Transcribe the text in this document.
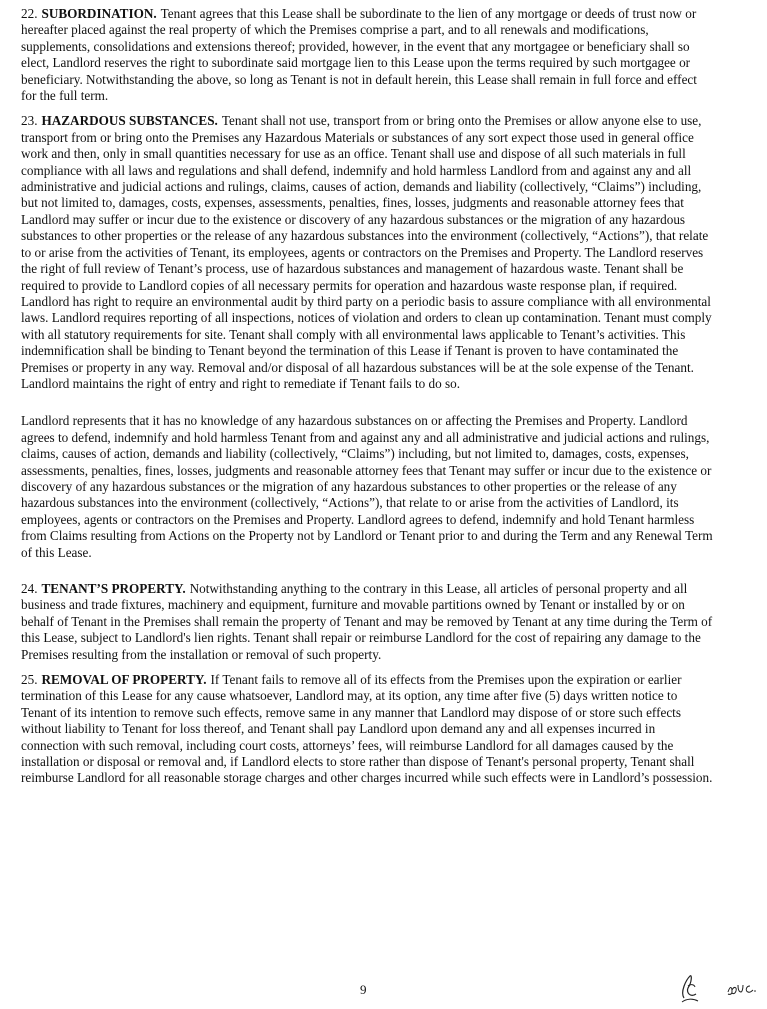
22. SUBORDINATION. Tenant agrees that this Lease shall be subordinate to the lien of any mortgage or deeds of trust now or hereafter placed against the real property of which the Premises comprise a part, and to all renewals and modifications, supplements, consolidations and extensions thereof; provided, however, in the event that any mortgagee or beneficiary shall so elect, Landlord reserves the right to subordinate said mortgage lien to this Lease upon the terms required by such mortgagee or beneficiary. Notwithstanding the above, so long as Tenant is not in default herein, this Lease shall remain in full force and effect for the full term.

23. HAZARDOUS SUBSTANCES. Tenant shall not use, transport from or bring onto the Premises or allow anyone else to use, transport from or bring onto the Premises any Hazardous Materials or substances of any sort expect those used in general office work and then, only in small quantities necessary for use as an office. Tenant shall use and dispose of all such materials in full compliance with all laws and regulations and shall defend, indemnify and hold harmless Landlord from and against any and all administrative and judicial actions and rulings, claims, causes of action, demands and liability (collectively, “Claims”) including, but not limited to, damages, costs, expenses, assessments, penalties, fines, losses, judgments and reasonable attorney fees that Landlord may suffer or incur due to the existence or discovery of any hazardous substances or the migration of any hazardous substances to other properties or the release of any hazardous substances into the environment (collectively, “Actions”), that relate to or arise from the activities of Tenant, its employees, agents or contractors on the Premises and Property. The Landlord reserves the right of full review of Tenant’s process, use of hazardous substances and management of hazardous waste. Tenant shall be required to provide to Landlord copies of all necessary permits for operation and hazardous waste response plan, if required. Landlord has right to require an environmental audit by third party on a periodic basis to assure compliance with all environmental laws. Landlord requires reporting of all inspections, notices of violation and orders to clean up contamination. Tenant must comply with all statutory requirements for site. Tenant shall comply with all environmental laws applicable to Tenant’s activities. This indemnification shall be binding to Tenant beyond the termination of this Lease if Tenant is proven to have contaminated the Premises or property in any way. Removal and/or disposal of all hazardous substances will be at the sole expense of the Tenant. Landlord maintains the right of entry and right to remediate if Tenant fails to do so.

Landlord represents that it has no knowledge of any hazardous substances on or affecting the Premises and Property. Landlord agrees to defend, indemnify and hold harmless Tenant from and against any and all administrative and judicial actions and rulings, claims, causes of action, demands and liability (collectively, “Claims”) including, but not limited to, damages, costs, expenses, assessments, penalties, fines, losses, judgments and reasonable attorney fees that Tenant may suffer or incur due to the existence or discovery of any hazardous substances or the migration of any hazardous substances to other properties or the release of any hazardous substances into the environment (collectively, “Actions”), that relate to or arise from the activities of Landlord, its employees, agents or contractors on the Premises and Property. Landlord agrees to defend, indemnify and hold Tenant harmless from Claims resulting from Actions on the Property not by Landlord or Tenant prior to and during the Term and any Renewal Term of this Lease.

24. TENANT’S PROPERTY. Notwithstanding anything to the contrary in this Lease, all articles of personal property and all business and trade fixtures, machinery and equipment, furniture and movable partitions owned by Tenant or installed by or on behalf of Tenant in the Premises shall remain the property of Tenant and may be removed by Tenant at any time during the Term of this Lease, subject to Landlord's lien rights. Tenant shall repair or reimburse Landlord for the cost of repairing any damage to the Premises resulting from the installation or removal of such property.

25. REMOVAL OF PROPERTY. If Tenant fails to remove all of its effects from the Premises upon the expiration or earlier termination of this Lease for any cause whatsoever, Landlord may, at its option, any time after five (5) days written notice to Tenant of its intention to remove such effects, remove same in any manner that Landlord may dispose of or store such effects without liability to Tenant for loss thereof, and Tenant shall pay Landlord upon demand any and all expenses incurred in connection with such removal, including court costs, attorneys’ fees, will reimburse Landlord for all damages caused by the installation or disposal or removal and, if Landlord elects to store rather than dispose of Tenant's personal property, Tenant shall reimburse Landlord for all reasonable storage charges and other charges incurred while such effects were in Landlord’s possession.

9
